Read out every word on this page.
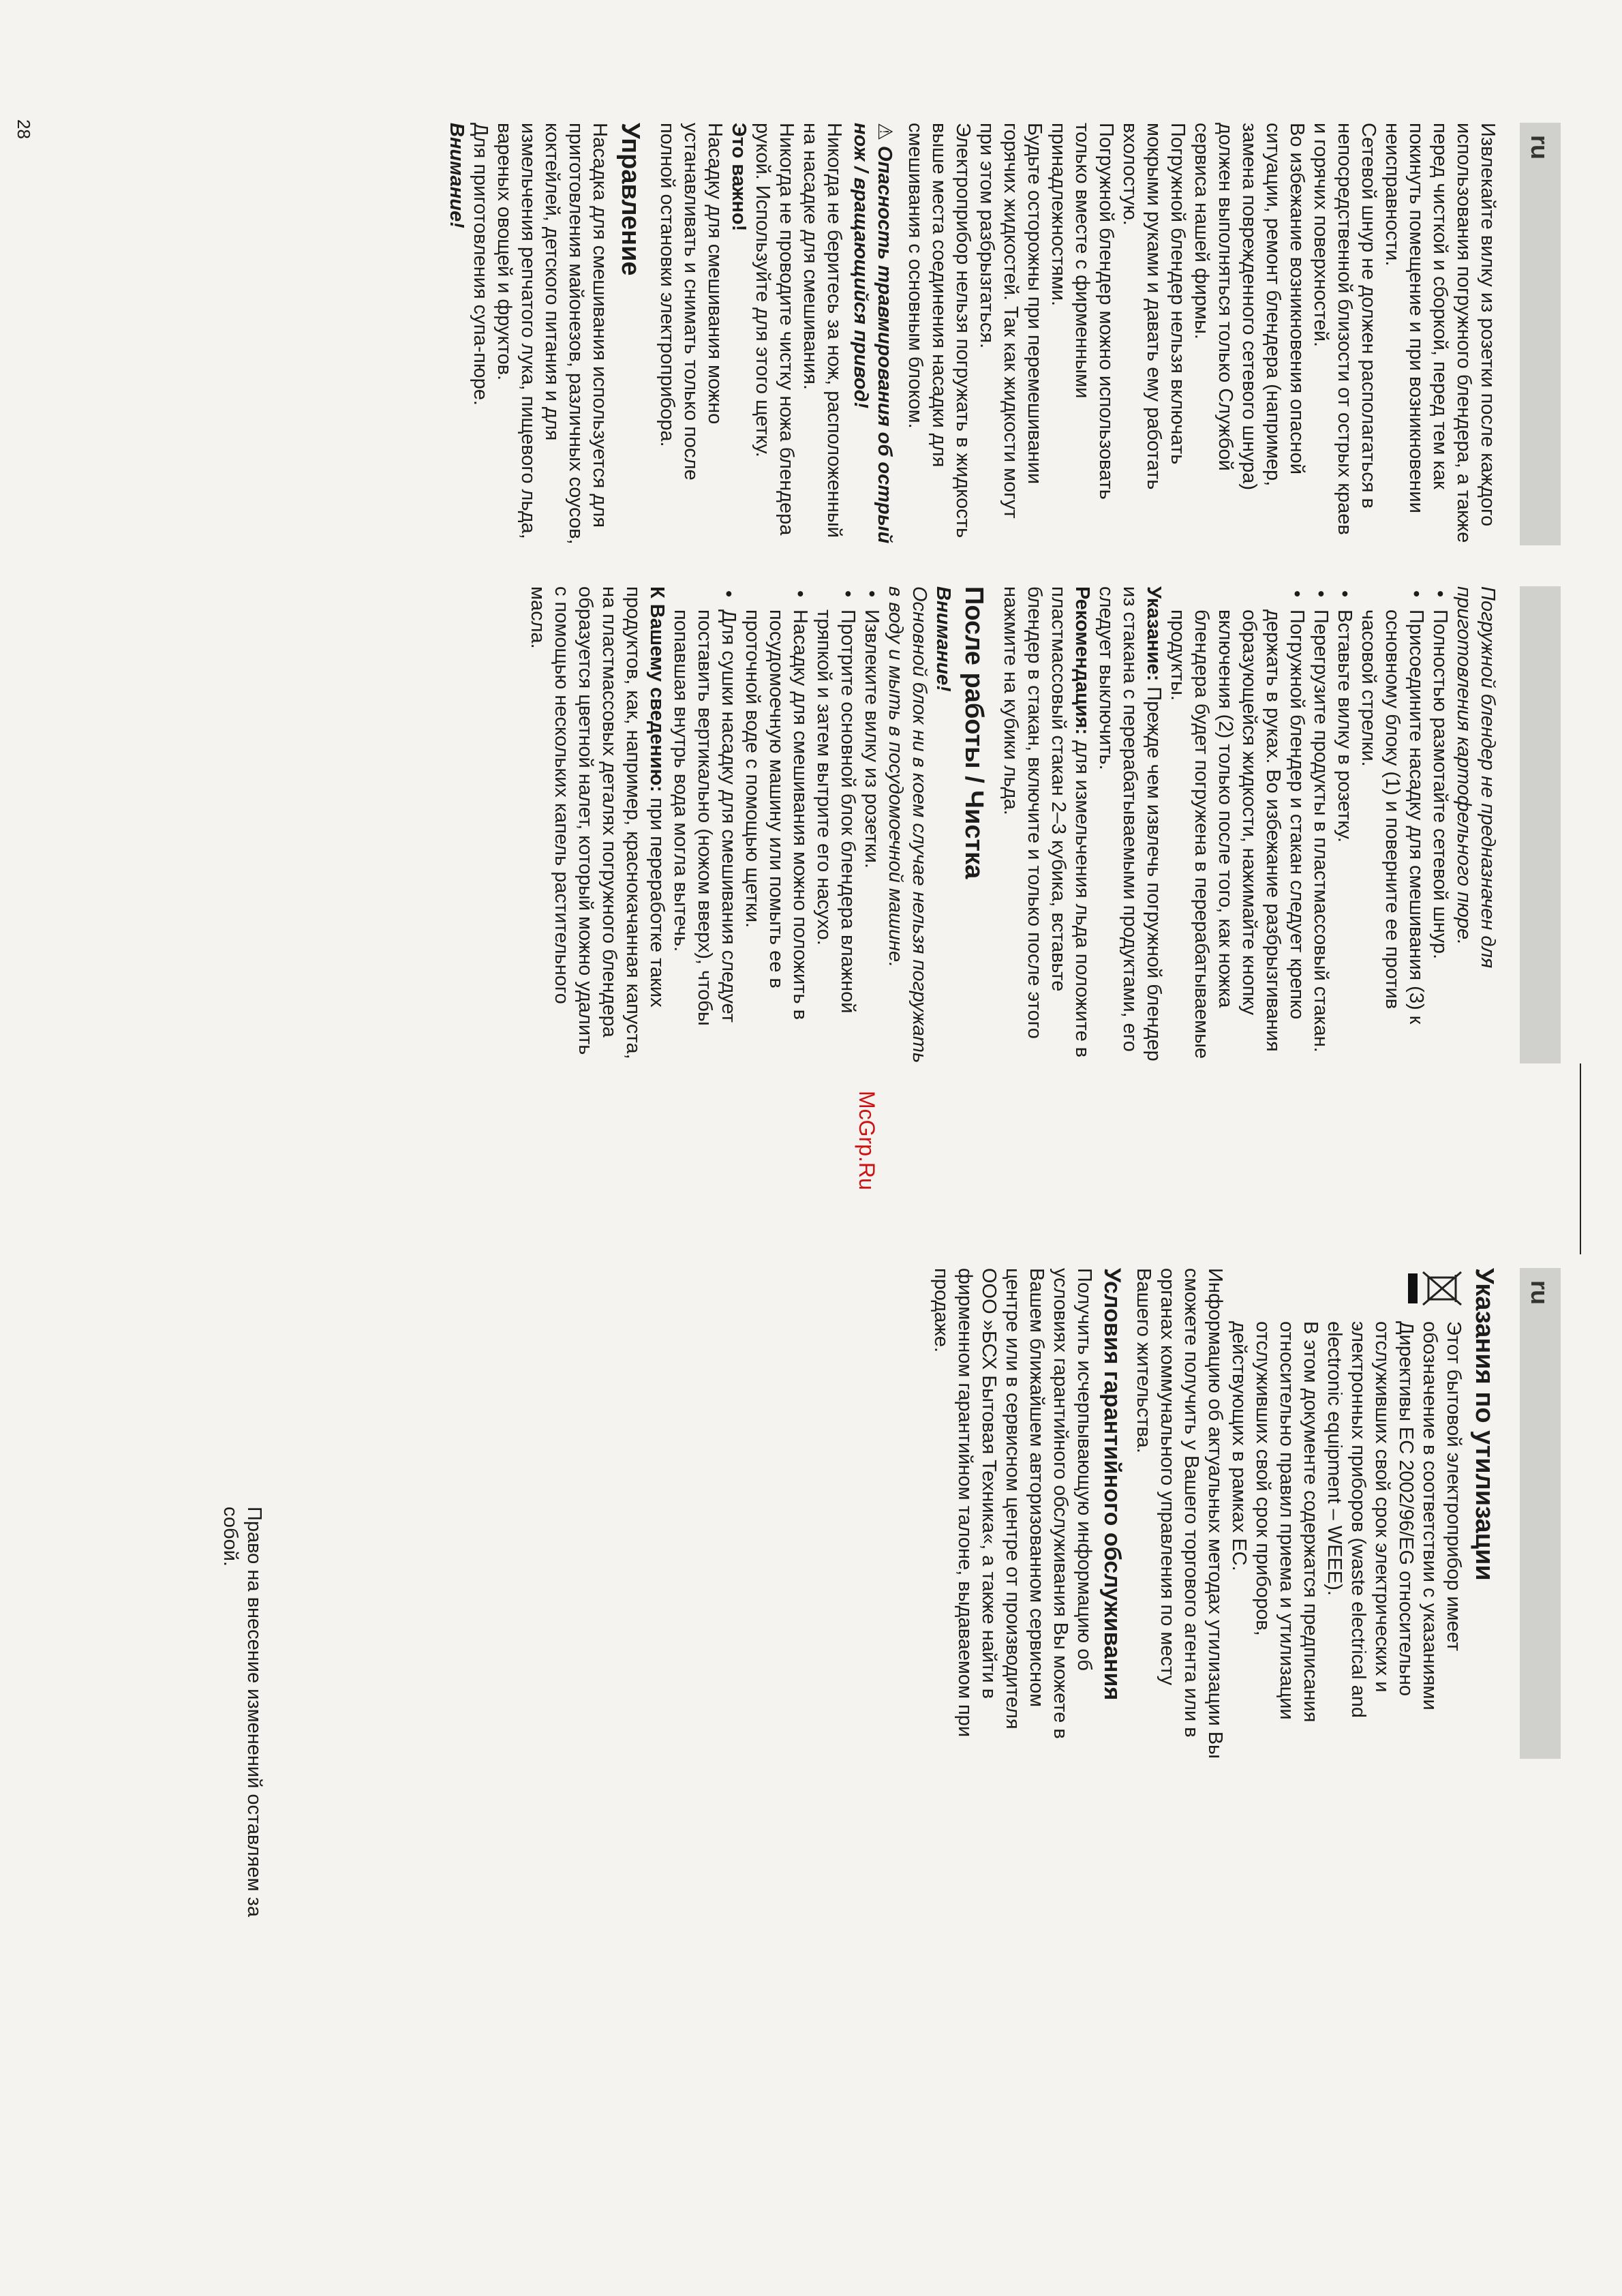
ru

Извлекайте вилку из розетки после каждого использования погружного блендера, а также перед чисткой и сборкой, перед тем как покинуть помещение и при возникновении неисправности.

Сетевой шнур не должен располагаться в непосредственной близости от острых краев и горячих поверхностей.

Во избежание возникновения опасной ситуации, ремонт блендера (например, замена поврежденного сетевого шнура) должен выполняться только Службой сервиса нашей фирмы.

Погружной блендер нельзя включать мокрыми руками и давать ему работать вхолостую.

Погружной блендер можно использовать только вместе с фирменными принадлежностями.

Будьте осторожны при перемешивании горячих жидкостей. Так как жидкости могут при этом разбрызгаться.

Электроприбор нельзя погружать в жидкость выше места соединения насадки для смешивания с основным блоком.

⚠ Опасность травмирования об острый нож / вращающийся привод!

Никогда не беритесь за нож, расположенный на насадке для смешивания.

Никогда не проводите чистку ножа блендера рукой. Используйте для этого щетку.

Это важно!

Насадку для смешивания можно устанавливать и снимать только после полной остановки электроприбора.

Управление

Насадка для смешивания используется для приготовления майонезов, различных соусов, коктейлей, детского питания и для измельчения репчатого лука, пищевого льда, вареных овощей и фруктов.

Для приготовления супа-пюре.

Внимание!

Погружной блендер не предназначен для приготовления картофельного пюре.

• Полностью размотайте сетевой шнур.
• Присоедините насадку для смешивания (3) к основному блоку (1) и поверните ее против часовой стрелки.
• Вставьте вилку в розетку.
• Перегрузите продукты в пластмассовый стакан.
• Погружной блендер и стакан следует крепко держать в руках. Во избежание разбрызгивания образующейся жидкости, нажимайте кнопку включения (2) только после того, как ножка блендера будет погружена в перерабатываемые продукты.

Указание: Прежде чем извлечь погружной блендер из стакана с перерабатываемыми продуктами, его следует выключить.

Рекомендация: для измельчения льда положите в пластмассовый стакан 2–3 кубика, вставьте блендер в стакан, включите и только после этого нажмите на кубики льда.

После работы / Чистка

Внимание!

Основной блок ни в коем случае нельзя погружать в воду и мыть в посудомоечной машине.

• Извлеките вилку из розетки.
• Протрите основной блок блендера влажной тряпкой и затем вытрите его насухо.
• Насадку для смешивания можно положить в посудомоечную машину или помыть ее в проточной воде с помощью щетки.
• Для сушки насадку для смешивания следует поставить вертикально (ножом вверх), чтобы попавшая внутрь вода могла вытечь.

К Вашему сведению: при переработке таких продуктов, как, например, краснокачанная капуста, на пластмассовых деталях погружного блендера образуется цветной налет, который можно удалить с помощью нескольких капель растительного масла.

McGrp.Ru
ru
Указания по утилизации

Этот бытовой электроприбор имеет обозначение в соответствии с указаниями Директивы ЕС 2002/96/EG относительно отслуживших свой срок электрических и электронных приборов (waste electrical and electronic equipment – WEEE).

В этом документе содержатся предписания относительно правил приема и утилизации отслуживших свой срок приборов, действующих в рамках ЕС.

Информацию об актуальных методах утилизации Вы сможете получить у Вашего торгового агента или в органах коммунального управления по месту Вашего жительства.

Условия гарантийного обслуживания

Получить исчерпывающую информацию об условиях гарантийного обслуживания Вы можете в Вашем ближайшем авторизованном сервисном центре или в сервисном центре от производителя ООО »БСХ Бытовая Техника«, а также найти в фирменном гарантийном талоне, выдаваемом при продаже.

Право на внесение изменений оставляем за собой.
28
